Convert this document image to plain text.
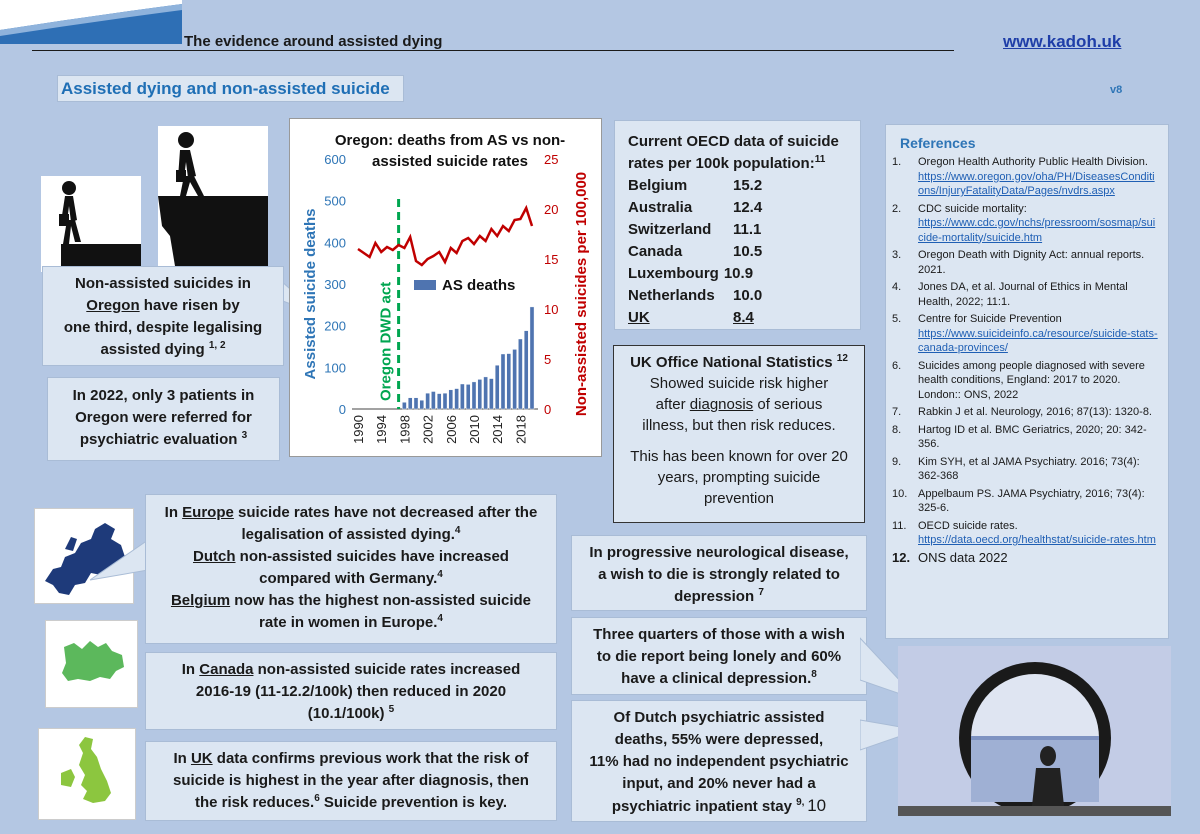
The evidence around assisted dying	www.kadoh.uk
Assisted dying and non-assisted suicide	v8

Non-assisted suicides in

Oregon have risen by

one third, despite legalising

assisted dying $^{1, 2}$

In 2022, only 3 patients in

Oregon were referred for

psychiatric evaluation $^3$

Oregon: deaths from AS vs non-
assisted suicide rates
Assisted suicide deaths	Non-assisted suicides per 100,000
0
100
200
300
400
500
600
0
5
10
15
20
25
1990 1994 1998 2002 2006 2010 2014 2018
Oregon DWD act	AS deaths
Current OECD data of suicide
rates per 100k population:$^{11}$
Belgium	15.2
Australia	12.4
Switzerland	11.1
Canada	10.5
Luxembourg 10.9
Netherlands	10.0
UK	8.4
UK Office National Statistics $^{12}$
Showed suicide risk higher
after diagnosis of serious
illness, but then risk reduces.
This has been known for over 20 years, prompting suicide prevention
References
1.	Oregon Health Authority Public Health Division.
https://www.oregon.gov/oha/PH/DiseasesConditions/InjuryFatalityData/Pages/nvdrs.aspx
2.	CDC suicide mortality:
https://www.cdc.gov/nchs/pressroom/sosmap/suicide-mortality/suicide.htm
3.	Oregon Death with Dignity Act: annual reports. 2021.
4.	Jones DA, et al. Journal of Ethics in Mental Health, 2022; 11:1.
5.	Centre for Suicide Prevention
https://www.suicideinfo.ca/resource/suicide-stats-canada-provinces/
6.	Suicides among people diagnosed with severe health conditions, England: 2017 to 2020. London:: ONS, 2022
7.	Rabkin J et al. Neurology, 2016; 87(13): 1320-8.
8.	Hartog ID et al. BMC Geriatrics, 2020; 20: 342-356.
9.	Kim SYH, et al JAMA Psychiatry. 2016; 73(4): 362-368
10. Appelbaum PS. JAMA Psychiatry, 2016; 73(4): 325-6.
11.	OECD suicide rates.
https://data.oecd.org/healthstat/suicide-rates.htm
12. ONS data 2022

In Europe suicide rates have not decreased after the

legalisation of assisted dying.$^4$

Dutch non-assisted suicides have increased

compared with Germany.$^4$

Belgium now has the highest non-assisted suicide

rate in women in Europe.$^4$

In Canada non-assisted suicide rates increased

2016-19 (11-12.2/100k) then reduced in 2020

(10.1/100k) $^5$

In UK data confirms previous work that the risk of

suicide is highest in the year after diagnosis, then

the risk reduces.$^6$ Suicide prevention is key.

In progressive neurological disease,

a wish to die is strongly related to

depression $^7$

Three quarters of those with a wish

to die report being lonely and 60%

have a clinical depression.$^8$

Of Dutch psychiatric assisted

deaths, 55% were depressed,

11% had no independent psychiatric

input, and 20% never had a

psychiatric inpatient stay $^{9,}$ 10
